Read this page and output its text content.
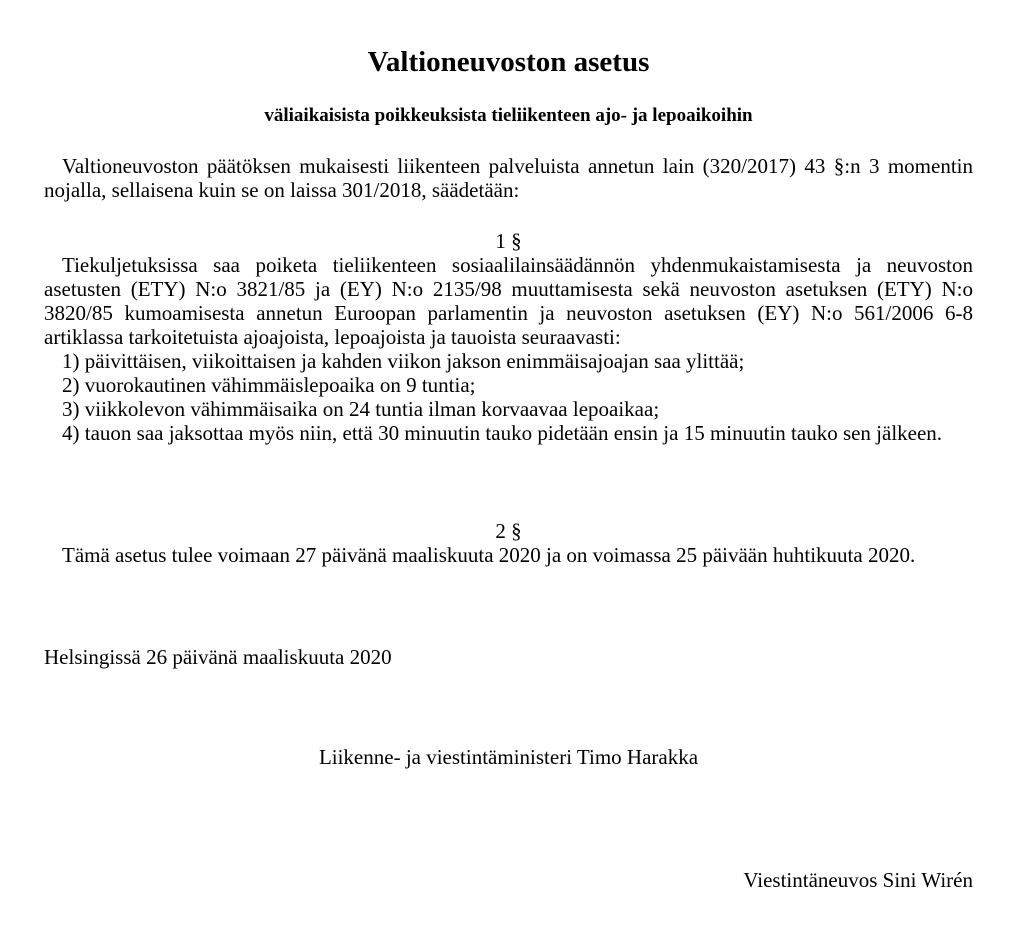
Valtioneuvoston asetus
väliaikaisista poikkeuksista tieliikenteen ajo- ja lepoaikoihin

Valtioneuvoston päätöksen mukaisesti liikenteen palveluista annetun lain (320/2017) 43 §:n 3 momentin nojalla, sellaisena kuin se on laissa 301/2018, säädetään:

1 §

Tiekuljetuksissa saa poiketa tieliikenteen sosiaalilainsäädännön yhdenmukaistamisesta ja neuvoston asetusten (ETY) N:o 3821/85 ja (EY) N:o 2135/98 muuttamisesta sekä neuvoston asetuksen (ETY) N:o 3820/85 kumoamisesta annetun Euroopan parlamentin ja neuvoston asetuksen (EY) N:o 561/2006 6-8 artiklassa tarkoitetuista ajoajoista, lepoajoista ja tauoista seuraavasti:

1) päivittäisen, viikoittaisen ja kahden viikon jakson enimmäisajoajan saa ylittää;

2) vuorokautinen vähimmäislepoaika on 9 tuntia;

3) viikkolevon vähimmäisaika on 24 tuntia ilman korvaavaa lepoaikaa;

4) tauon saa jaksottaa myös niin, että 30 minuutin tauko pidetään ensin ja 15 minuutin tauko sen jälkeen.

2 §

Tämä asetus tulee voimaan 27 päivänä maaliskuuta 2020 ja on voimassa 25 päivään huhtikuuta 2020.

Helsingissä 26 päivänä maaliskuuta 2020

Liikenne- ja viestintäministeri Timo Harakka

Viestintäneuvos Sini Wirén
